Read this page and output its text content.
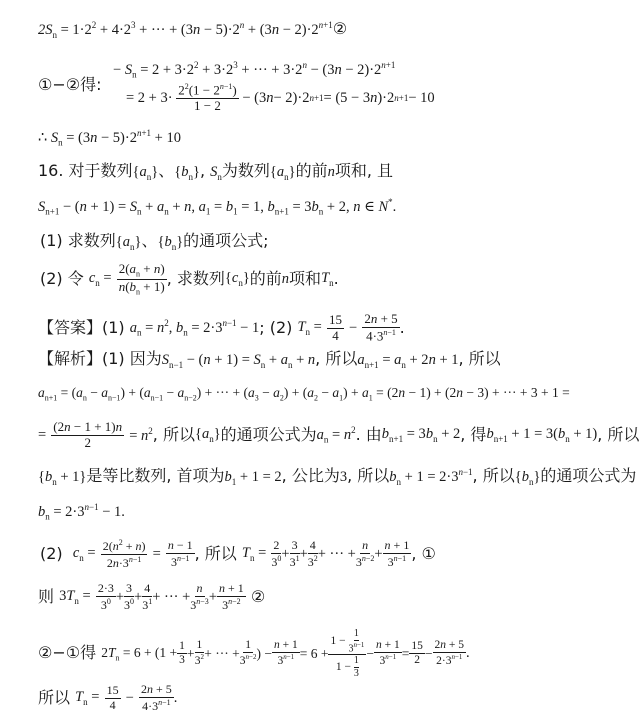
$2S_n = 1\cdot 2^2 + 4\cdot 2^3$ + ··· + $(3n - 5)\cdot 2^n + (3n$ − $2)\cdot 2^{n+1}②$
− $S_n = 2 + 3\cdot 2^2 + 3\cdot 2^3$ + ··· + $3\cdot 2^n - (3n - 2)\cdot 2^{n+1}$
①−②得:
= $2 + 3\cdot 2^2(1 - 2^{n-1})$
1 − 2 − (3 n − 2)·2 n+1 = (5 − 3 n )·2 n+1 − 10
∴ $S_n = (3n - 5)\cdot 2^{n+1} + 10$
16. 对于数列$\{a_n\}$、$\{b_n\}$, $S_n$为数列$\{a_n\}$的前n项和, 且
$S_{n+1} - (n + 1) = S_n + a_n + n$, $a_1 = b_1 = 1$, $b_{n+1} = 3b_n + 2$, n ∈ N*.
(1) 求数列$\{a_n\}$、$\{b_n\}$的通项公式;
(2) 令 $c_n$ =
$\frac{2(a_n + n)}{n(b_n + 1)}$ , 求数列 $\{c_n\}$ 的前 n 项和 $T_n$ .
【答案】(1) $a_n = n^2$, $b_n = 2\cdot 3^{n-1} - 1$ ; (2) $T_n$ =
$\frac{15}{4}$
−
$\frac{2n + 5}{4\cdot 3^{n-1}}$ .
【解析】(1) 因为$S_{n-1} - (n + 1) = S_n + a_n + n$, 所以$a_{n+1} = a_n + 2n + 1$, 所以
$a_{n+1} = (a_n - a_{n-1}) + (a_{n-1} - a_{n-2})$ + ··· + $(a_3 - a_2) + (a_2 - a_1) + a_1 = (2n - 1) + (2n - 3)$ + ··· + 3 + 1 =
=
$\frac{(2n - 1 + 1)n}{2}$
= $n^2$ , 所以 $\{a_n\}$ 的通项公式为 $a_n = n^2$ . 由 $b_{n+1} = 3b_n + 2$ , 得 $b_{n+1} + 1 = 3(b_n + 1)$ , 所以
$\{b_n + 1\}$是等比数列, 首项为$b_1 + 1 = 2$, 公比为3, 所以$b_n + 1 = 2\cdot 3^{n-1}$, 所以$\{b_n\}$的通项公式为
$b_n = 2\cdot 3^{n-1} - 1$.
(2) $c_n$ =
$\frac{2(n^2 + n)}{2n\cdot 3^{n-1}}$
=
$\frac{n - 1}{3^{n-1}}$ , 所以 $T_n$ =
$\frac{2}{3^0} + \frac{3}{3^1} + \frac{4}{3^2}$ + ··· + $\frac{n}{3^{n-2}} + \frac{n + 1}{3^{n-1}}$ , ①
则 $3T_n$ =
$\frac{2\cdot 3}{3^0} + \frac{3}{3^0} + \frac{4}{3^1}$ + ··· + $\frac{n}{3^{n-3}} + \frac{n + 1}{3^{n-2}}$ ②
②−①得 $2T_n = 6 + (1 + \frac{1}{3} + \frac{1}{3^2}$ + ··· + $\frac{1}{3^{n-2}}$ ) − $\frac{n + 1}{3^{n-1}} = 6 + 1$ −
1
$3^{n-1}$
1 − 1
$3 - \frac{n + 1}{3^{n-1}} = \frac{15}{2} - \frac{2n + 5}{2\cdot 3^{n-1}}$ .
所以 $T_n$ =
$\frac{15}{4}$
−
$\frac{2n + 5}{4\cdot 3^{n-1}}$ .
